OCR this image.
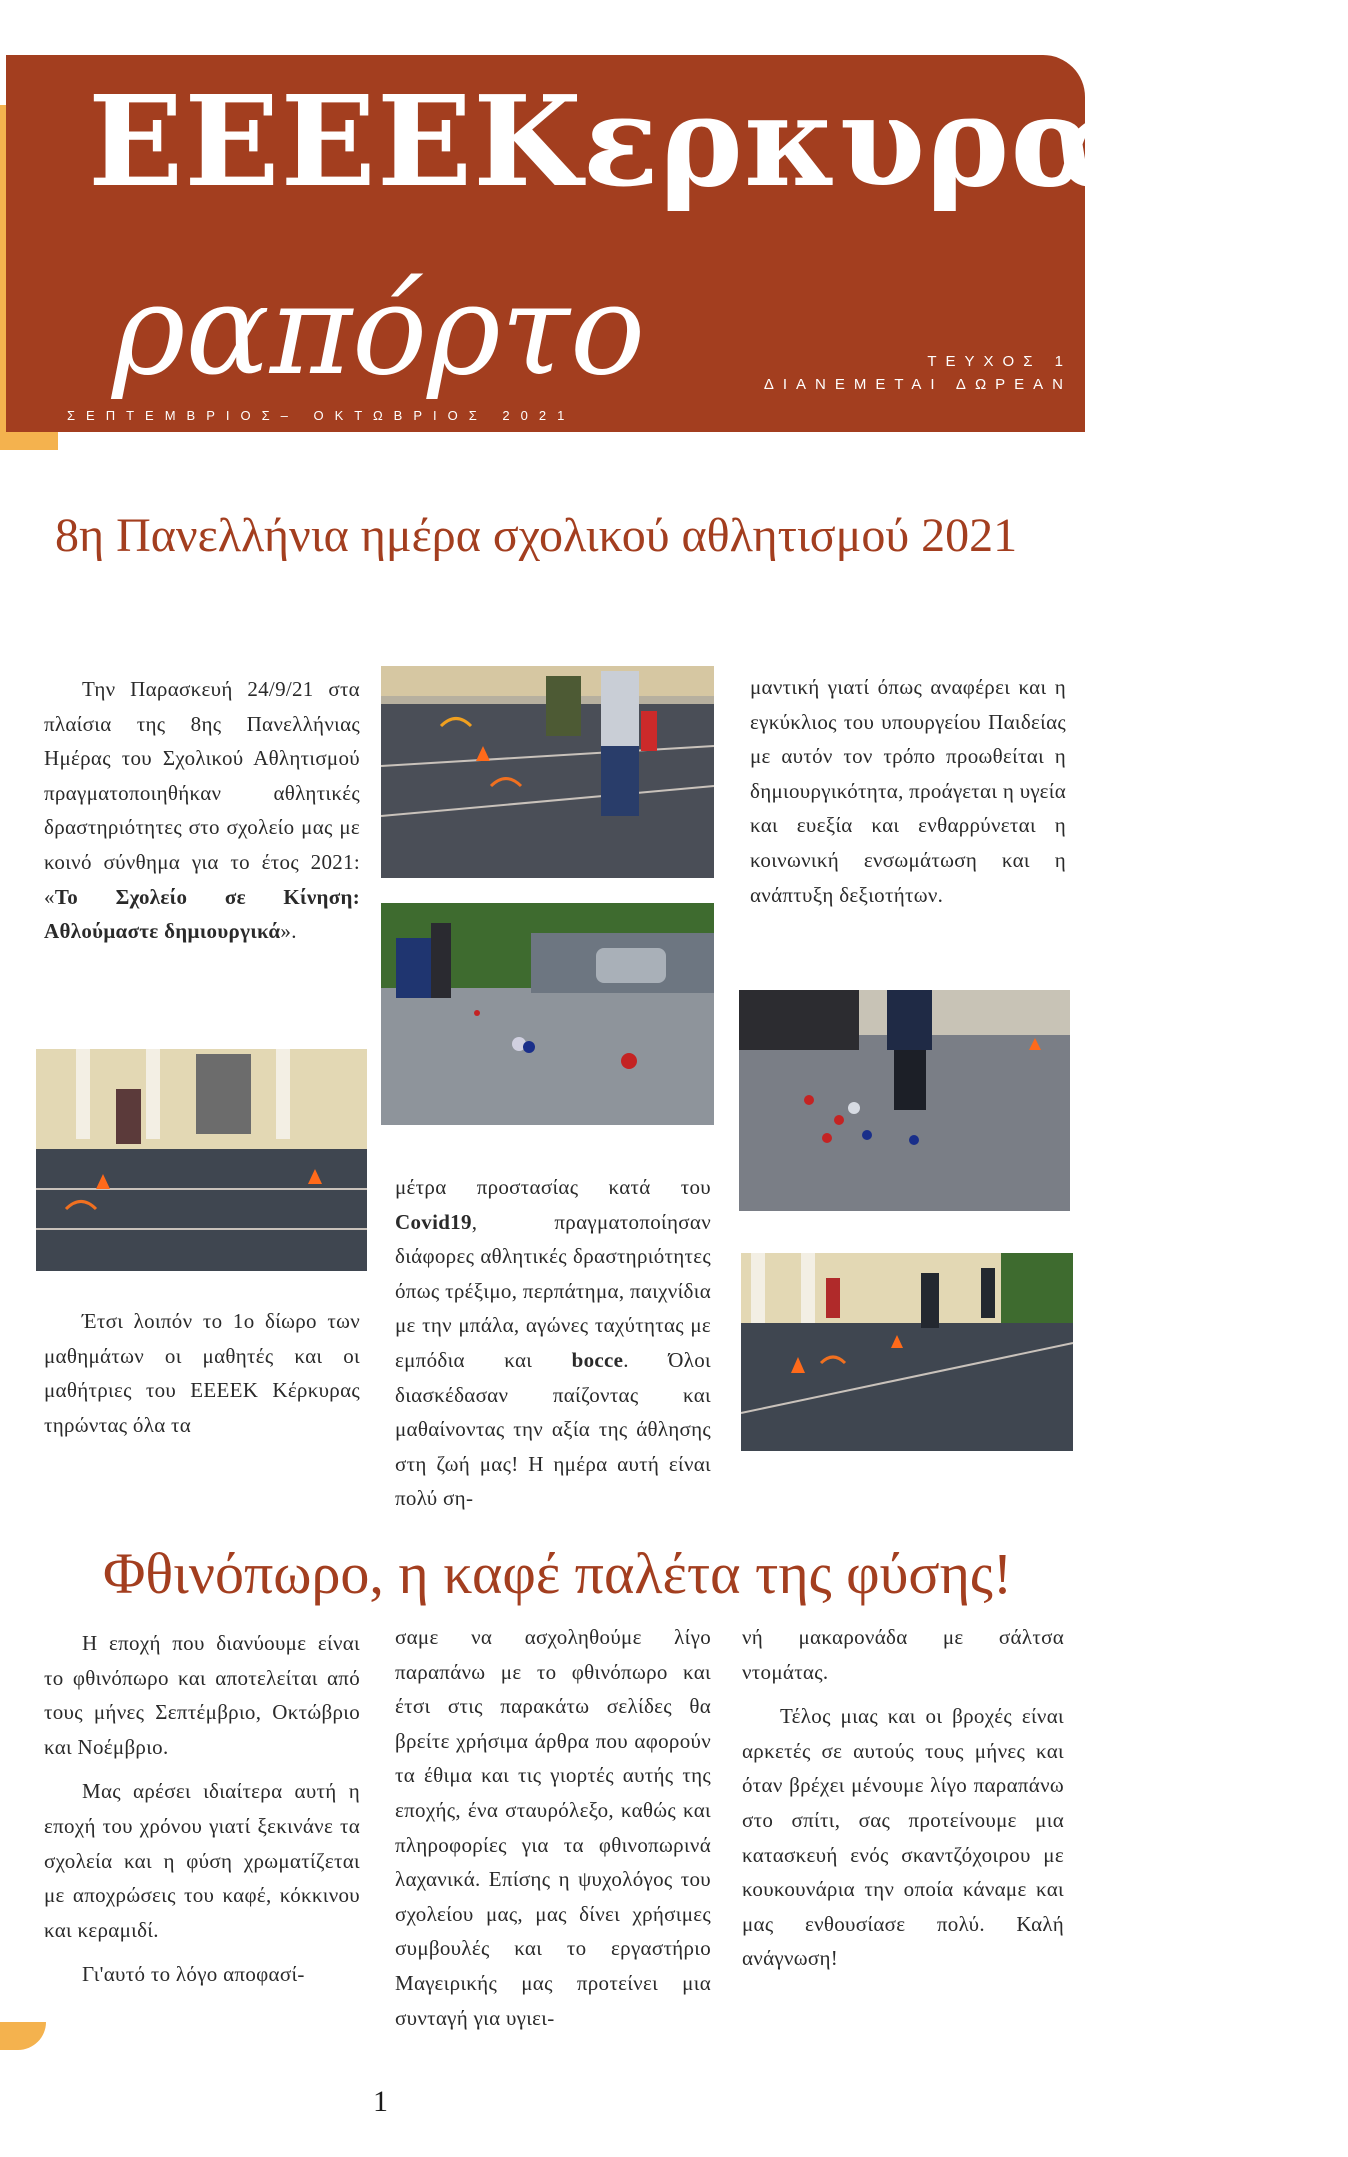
ΕΕΕΕΚερκυραϊκό
ραπόρτο	ΤΕΥΧΟΣ 1
ΔΙΑΝΕΜΕΤΑΙ ΔΩΡΕΑΝ
ΣΕΠΤΕΜΒΡΙΟΣ– ΟΚΤΩΒΡΙΟΣ 2021
8η Πανελλήνια ημέρα σχολικού αθλητισμού 2021

Την Παρασκευή 24/9/21 στα πλαίσια της 8ης Πανελλήνιας Ημέρας του Σχολικού Αθλητισμού πραγματοποιηθήκαν αθλητικές δραστηριότητες στο σχολείο μας με κοινό σύνθημα για το έτος 2021: «Το Σχολείο σε Κίνηση: Αθλούμαστε δημιουργικά».

Έτσι λοιπόν το 1ο δίωρο των μαθημάτων οι μαθητές και οι μαθήτριες του ΕΕΕΕΚ Κέρκυρας τηρώντας όλα τα

μέτρα προστασίας κατά του Covid19, πραγματοποίησαν διάφορες αθλητικές δραστηριότητες όπως τρέξιμο, περπάτημα, παιχνίδια με την μπάλα, αγώνες ταχύτητας με εμπόδια και bocce. Όλοι διασκέδασαν παίζοντας και μαθαίνοντας την αξία της άθλησης στη ζωή μας! Η ημέρα αυτή είναι πολύ ση-

μαντική γιατί όπως αναφέρει και η εγκύκλιος του υπουργείου Παιδείας με αυτόν τον τρόπο προωθείται η δημιουργικότητα, προάγεται η υγεία και ευεξία και ενθαρρύνεται η κοινωνική ενσωμάτωση και η ανάπτυξη δεξιοτήτων.

Φθινόπωρο, η καφέ παλέτα της φύσης!

Η εποχή που διανύουμε είναι το φθινόπωρο και αποτελείται από τους μήνες Σεπτέμβριο, Οκτώβριο και Νοέμβριο.

Μας αρέσει ιδιαίτερα αυτή η εποχή του χρόνου γιατί ξεκινάνε τα σχολεία και η φύση χρωματίζεται με αποχρώσεις του καφέ, κόκκινου και κεραμιδί.

Γι'αυτό το λόγο αποφασί-

σαμε να ασχοληθούμε λίγο παραπάνω με το φθινόπωρο και έτσι στις παρακάτω σελίδες θα βρείτε χρήσιμα άρθρα που αφορούν τα έθιμα και τις γιορτές αυτής της εποχής, ένα σταυρόλεξο, καθώς και πληροφορίες για τα φθινοπωρινά λαχανικά. Επίσης η ψυχολόγος του σχολείου μας, μας δίνει χρήσιμες συμβουλές και το εργαστήριο Μαγειρικής μας προτείνει μια συνταγή για υγιει-

νή μακαρονάδα με σάλτσα ντομάτας.

Τέλος μιας και οι βροχές είναι αρκετές σε αυτούς τους μήνες και όταν βρέχει μένουμε λίγο παραπάνω στο σπίτι, σας προτείνουμε μια κατασκευή ενός σκαντζόχοιρου με κουκουνάρια την οποία κάναμε και μας ενθουσίασε πολύ. Καλή ανάγνωση!

1
